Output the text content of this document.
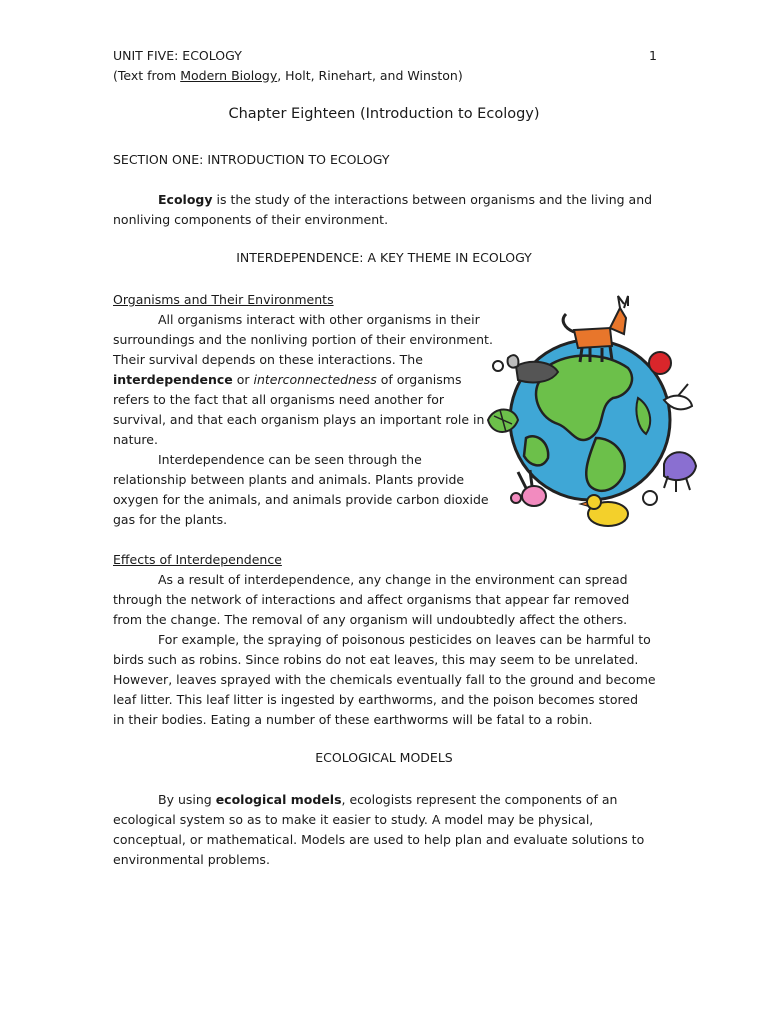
UNIT FIVE: ECOLOGY	1
(Text from Modern Biology, Holt, Rinehart, and Winston)
Chapter Eighteen (Introduction to Ecology)
SECTION ONE: INTRODUCTION TO ECOLOGY
Ecology is the study of the interactions between organisms and the living and
nonliving components of their environment.
INTERDEPENDENCE: A KEY THEME IN ECOLOGY
Organisms and Their Environments
All organisms interact with other organisms in their
surroundings and the nonliving portion of their environment.
Their survival depends on these interactions. The
interdependence or interconnectedness of organisms
refers to the fact that all organisms need another for
survival, and that each organism plays an important role in
nature.
Interdependence can be seen through the
relationship between plants and animals. Plants provide
oxygen for the animals, and animals provide carbon dioxide
gas for the plants.
Effects of Interdependence
As a result of interdependence, any change in the environment can spread
through the network of interactions and affect organisms that appear far removed
from the change. The removal of any organism will undoubtedly affect the others.
For example, the spraying of poisonous pesticides on leaves can be harmful to
birds such as robins. Since robins do not eat leaves, this may seem to be unrelated.
However, leaves sprayed with the chemicals eventually fall to the ground and become
leaf litter. This leaf litter is ingested by earthworms, and the poison becomes stored
in their bodies. Eating a number of these earthworms will be fatal to a robin.
ECOLOGICAL MODELS
By using ecological models, ecologists represent the components of an
ecological system so as to make it easier to study. A model may be physical,
conceptual, or mathematical. Models are used to help plan and evaluate solutions to
environmental problems.
